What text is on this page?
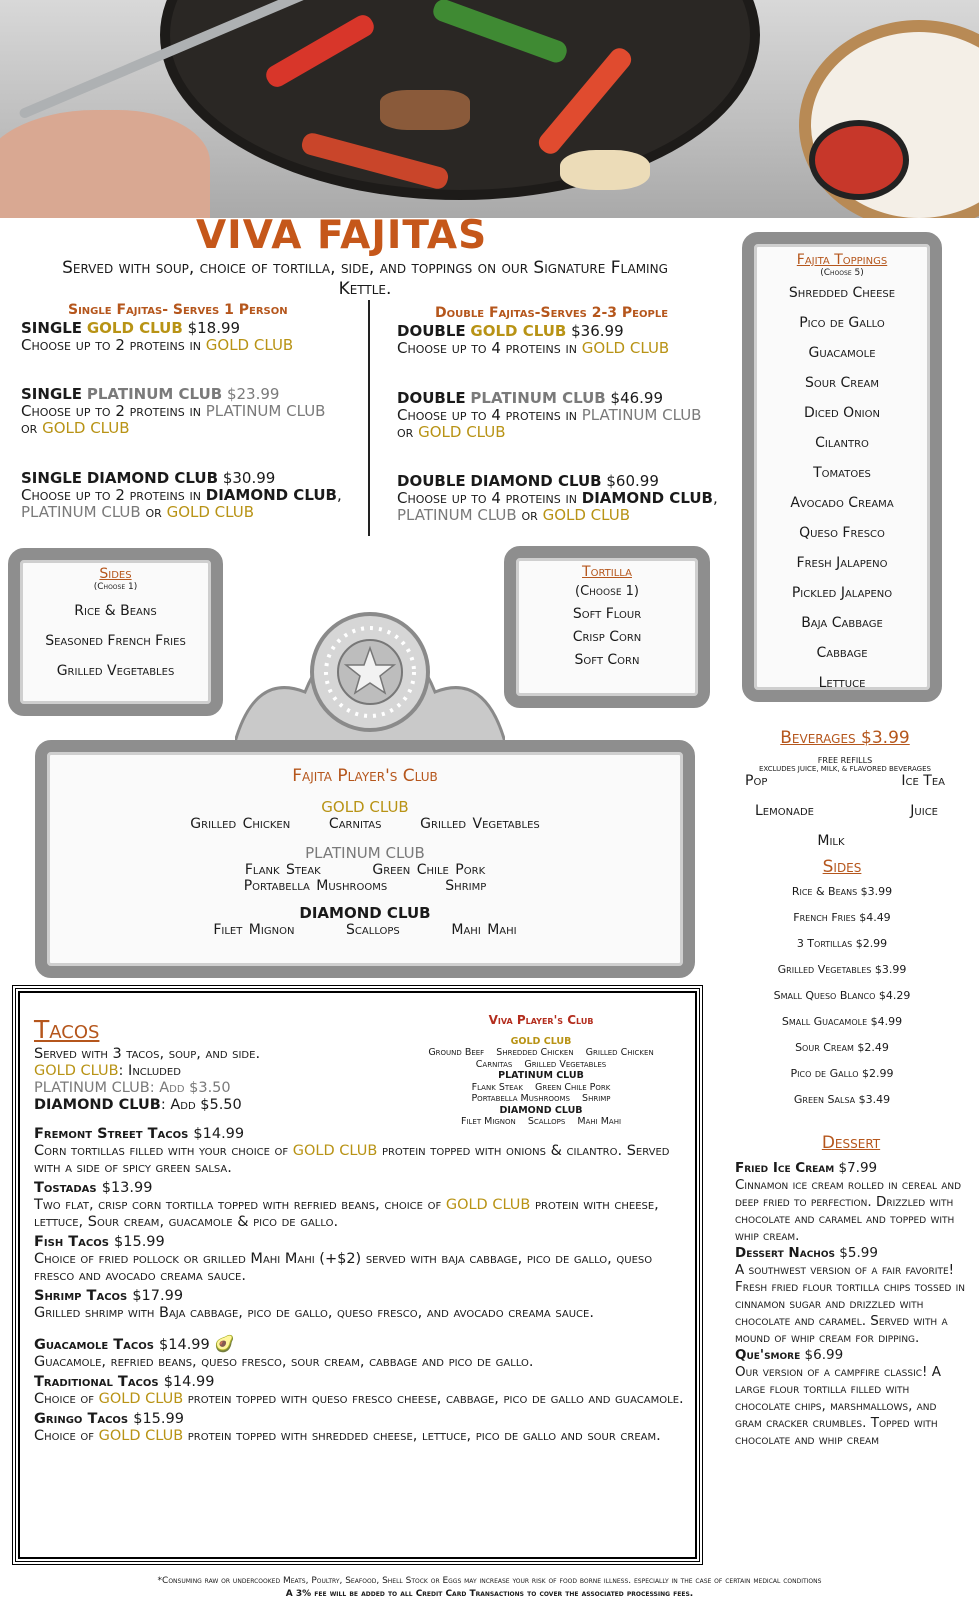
VIVA FAJITAS
Served with soup, choice of tortilla, side, and toppings on our Signature Flaming Kettle.
Single Fajitas- Serves 1 Person
SINGLE GOLD CLUB $18.99
Choose up to 2 proteins in GOLD CLUB
SINGLE PLATINUM CLUB $23.99
Choose up to 2 proteins in PLATINUM CLUB
or GOLD CLUB
SINGLE DIAMOND CLUB $30.99
Choose up to 2 proteins in DIAMOND CLUB,
PLATINUM CLUB or GOLD CLUB
Double Fajitas-Serves 2-3 People
DOUBLE GOLD CLUB $36.99
Choose up to 4 proteins in GOLD CLUB
DOUBLE PLATINUM CLUB $46.99
Choose up to 4 proteins in PLATINUM CLUB
or GOLD CLUB
DOUBLE DIAMOND CLUB $60.99
Choose up to 4 proteins in DIAMOND CLUB,
PLATINUM CLUB or GOLD CLUB
Fajita Toppings
(Choose 5)
Shredded Cheese
Pico de Gallo
Guacamole
Sour Cream
Diced Onion
Cilantro
Tomatoes
Avocado Creama
Queso Fresco
Fresh Jalapeno
Pickled Jalapeno
Baja Cabbage
Cabbage
Lettuce
Sides
(Choose 1)
Rice & Beans
Seasoned French Fries
Grilled Vegetables
Tortilla
(Choose 1)
Soft Flour
Crisp Corn
Soft Corn
Fajita Player's Club
GOLD CLUB
Grilled Chicken	Carnitas	Grilled Vegetables
PLATINUM CLUB
Flank Steak	Green Chile Pork
Portabella Mushrooms	Shrimp
DIAMOND CLUB
Filet Mignon	Scallops	Mahi Mahi
Beverages $3.99
FREE REFILLS
EXCLUDES JUICE, MILK, & FLAVORED BEVERAGES
Pop	Ice Tea
Lemonade	Juice
Milk
Sides
Rice & Beans $3.99
French Fries $4.49
3 Tortillas $2.99
Grilled Vegetables $3.99
Small Queso Blanco $4.29
Small Guacamole $4.99
Sour Cream $2.49
Pico de Gallo $2.99
Green Salsa $3.49
Dessert
Fried Ice Cream $7.99
Cinnamon ice cream rolled in cereal and deep fried to perfection. Drizzled with chocolate and caramel and topped with whip cream.
Dessert Nachos $5.99
A southwest version of a fair favorite! Fresh fried flour tortilla chips tossed in cinnamon sugar and drizzled with chocolate and caramel. Served with a mound of whip cream for dipping.
Que'smore $6.99
Our version of a campfire classic! A large flour tortilla filled with chocolate chips, marshmallows, and gram cracker crumbles. Topped with chocolate and whip cream
Tacos
Served with 3 tacos, soup, and side.
GOLD CLUB: Included
PLATINUM CLUB: Add $3.50
DIAMOND CLUB: Add $5.50
Viva Player's Club
GOLD CLUB
Ground Beef    Shredded Chicken    Grilled Chicken
Carnitas    Grilled Vegetables
PLATINUM CLUB
Flank Steak    Green Chile Pork
Portabella Mushrooms    Shrimp
DIAMOND CLUB
Filet Mignon    Scallops    Mahi Mahi
Fremont Street Tacos $14.99
Corn tortillas filled with your choice of GOLD CLUB protein topped with onions & cilantro. Served with a side of spicy green salsa.
Tostadas $13.99
Two flat, crisp corn tortilla topped with refried beans, choice of GOLD CLUB protein with cheese, lettuce, Sour cream, guacamole & pico de gallo.
Fish Tacos $15.99
Choice of fried pollock or grilled Mahi Mahi (+$2) served with baja cabbage, pico de gallo, queso fresco and avocado creama sauce.
Shrimp Tacos $17.99
Grilled shrimp with Baja cabbage, pico de gallo, queso fresco, and avocado creama sauce.
Guacamole Tacos $14.99 🥑
Guacamole, refried beans, queso fresco, sour cream, cabbage and pico de gallo.
Traditional Tacos $14.99
Choice of GOLD CLUB protein topped with queso fresco cheese, cabbage, pico de gallo and guacamole.
Gringo Tacos $15.99
Choice of GOLD CLUB protein topped with shredded cheese, lettuce, pico de gallo and sour cream.
*Consuming raw or undercooked Meats, Poultry, Seafood, Shell Stock or Eggs may increase your risk of food borne illness. especially in the case of certain medical conditions
A 3% fee will be added to all Credit Card Transactions to cover the associated processing fees.
